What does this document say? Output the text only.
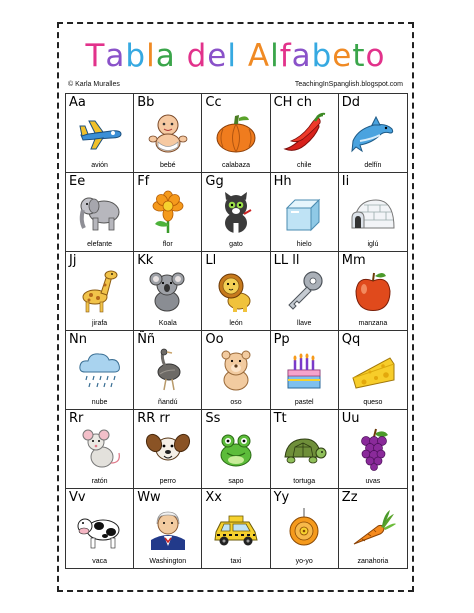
Tabla del Alfabeto
© Karla Muralles	TeachingInSpanglish.blogspot.com
Aa
avión
Bb
bebé
Cc
calabaza
CH ch
chile
Dd
delfín
Ee
elefante
Ff
flor
Gg
gato
Hh
hielo
Ii
iglú
Jj
jirafa
Kk
Koala
Ll
león
LL ll
llave
Mm
manzana
Nn
nube
Ññ
ñandú
Oo
oso
Pp
pastel
Qq
queso
Rr
ratón
RR rr
perro
Ss
sapo
Tt
tortuga
Uu
uvas
Vv
vaca
Ww
Washington
Xx
taxi
Yy
yo-yo
Zz
zanahoria
